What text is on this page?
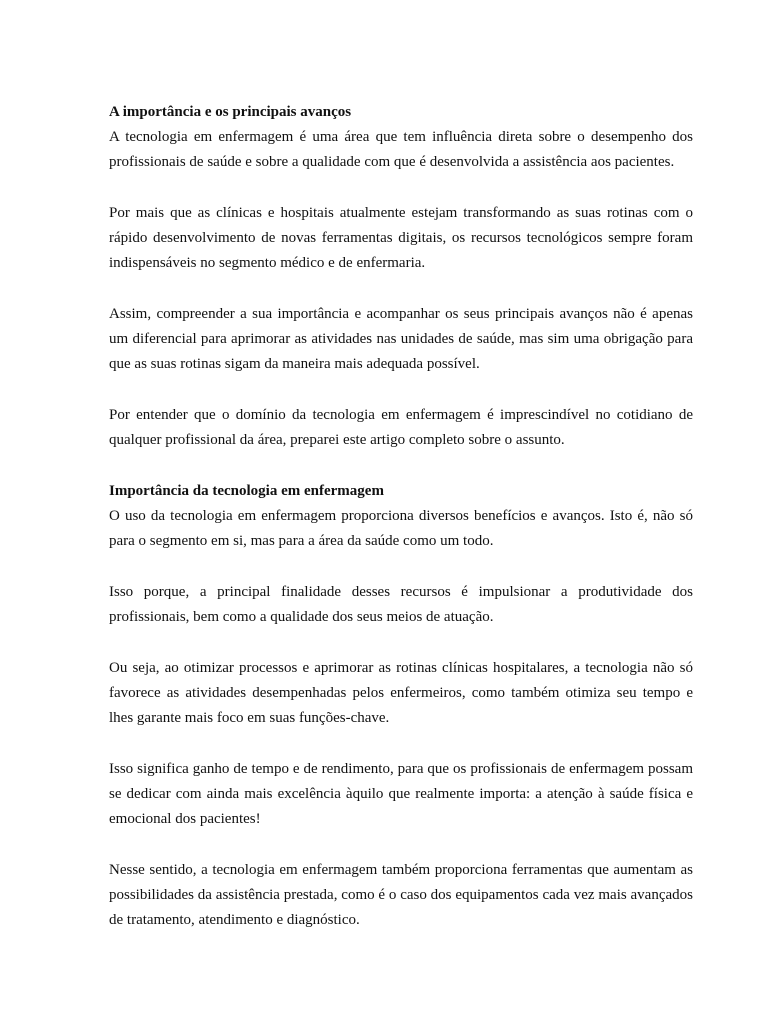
A importância e os principais avanços

A tecnologia em enfermagem é uma área que tem influência direta sobre o desempenho dos profissionais de saúde e sobre a qualidade com que é desenvolvida a assistência aos pacientes.

Por mais que as clínicas e hospitais atualmente estejam transformando as suas rotinas com o rápido desenvolvimento de novas ferramentas digitais, os recursos tecnológicos sempre foram indispensáveis no segmento médico e de enfermaria.

Assim, compreender a sua importância e acompanhar os seus principais avanços não é apenas um diferencial para aprimorar as atividades nas unidades de saúde, mas sim uma obrigação para que as suas rotinas sigam da maneira mais adequada possível.

Por entender que o domínio da tecnologia em enfermagem é imprescindível no cotidiano de qualquer profissional da área, preparei este artigo completo sobre o assunto.

Importância da tecnologia em enfermagem

O uso da tecnologia em enfermagem proporciona diversos benefícios e avanços. Isto é, não só para o segmento em si, mas para a área da saúde como um todo.

Isso porque, a principal finalidade desses recursos é impulsionar a produtividade dos profissionais, bem como a qualidade dos seus meios de atuação.

Ou seja, ao otimizar processos e aprimorar as rotinas clínicas hospitalares, a tecnologia não só favorece as atividades desempenhadas pelos enfermeiros, como também otimiza seu tempo e lhes garante mais foco em suas funções-chave.

Isso significa ganho de tempo e de rendimento, para que os profissionais de enfermagem possam se dedicar com ainda mais excelência àquilo que realmente importa: a atenção à saúde física e emocional dos pacientes!

Nesse sentido, a tecnologia em enfermagem também proporciona ferramentas que aumentam as possibilidades da assistência prestada, como é o caso dos equipamentos cada vez mais avançados de tratamento, atendimento e diagnóstico.
